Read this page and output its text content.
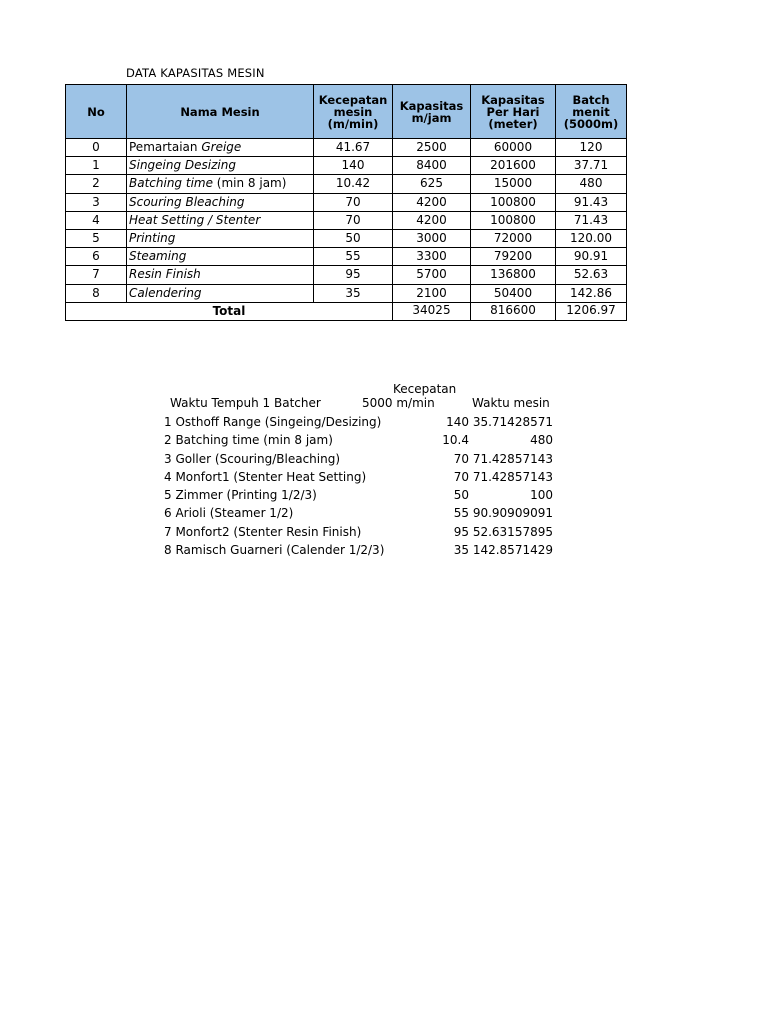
DATA KAPASITAS MESIN
No	Nama Mesin	Kecepatan mesin (m/min)	Kapasitas m/jam	Kapasitas Per Hari (meter)	Batch menit (5000m)
0	Pemartaian Greige	41.67	2500	60000	120
1	Singeing Desizing	140	8400	201600	37.71
2	Batching time (min 8 jam)	10.42	625	15000	480
3	Scouring Bleaching	70	4200	100800	91.43
4	Heat Setting / Stenter	70	4200	100800	71.43
5	Printing	50	3000	72000	120.00
6	Steaming	55	3300	79200	90.91
7	Resin Finish	95	5700	136800	52.63
8	Calendering	35	2100	50400	142.86
Total			34025	816600	1206.97
Waktu Tempuh 1 Batcher
Kecepatan
5000 m/min	Waktu mesin
1 Osthoff Range (Singeing/Desizing)	140 35.71428571
2 Batching time (min 8 jam)	10.4	480
3 Goller (Scouring/Bleaching)	70 71.42857143
4 Monfort1 (Stenter Heat Setting)	70 71.42857143
5 Zimmer (Printing 1/2/3)	50	100
6 Arioli (Steamer 1/2)	55 90.90909091
7 Monfort2 (Stenter Resin Finish)	95 52.63157895
8 Ramisch Guarneri (Calender 1/2/3)	35 142.8571429
